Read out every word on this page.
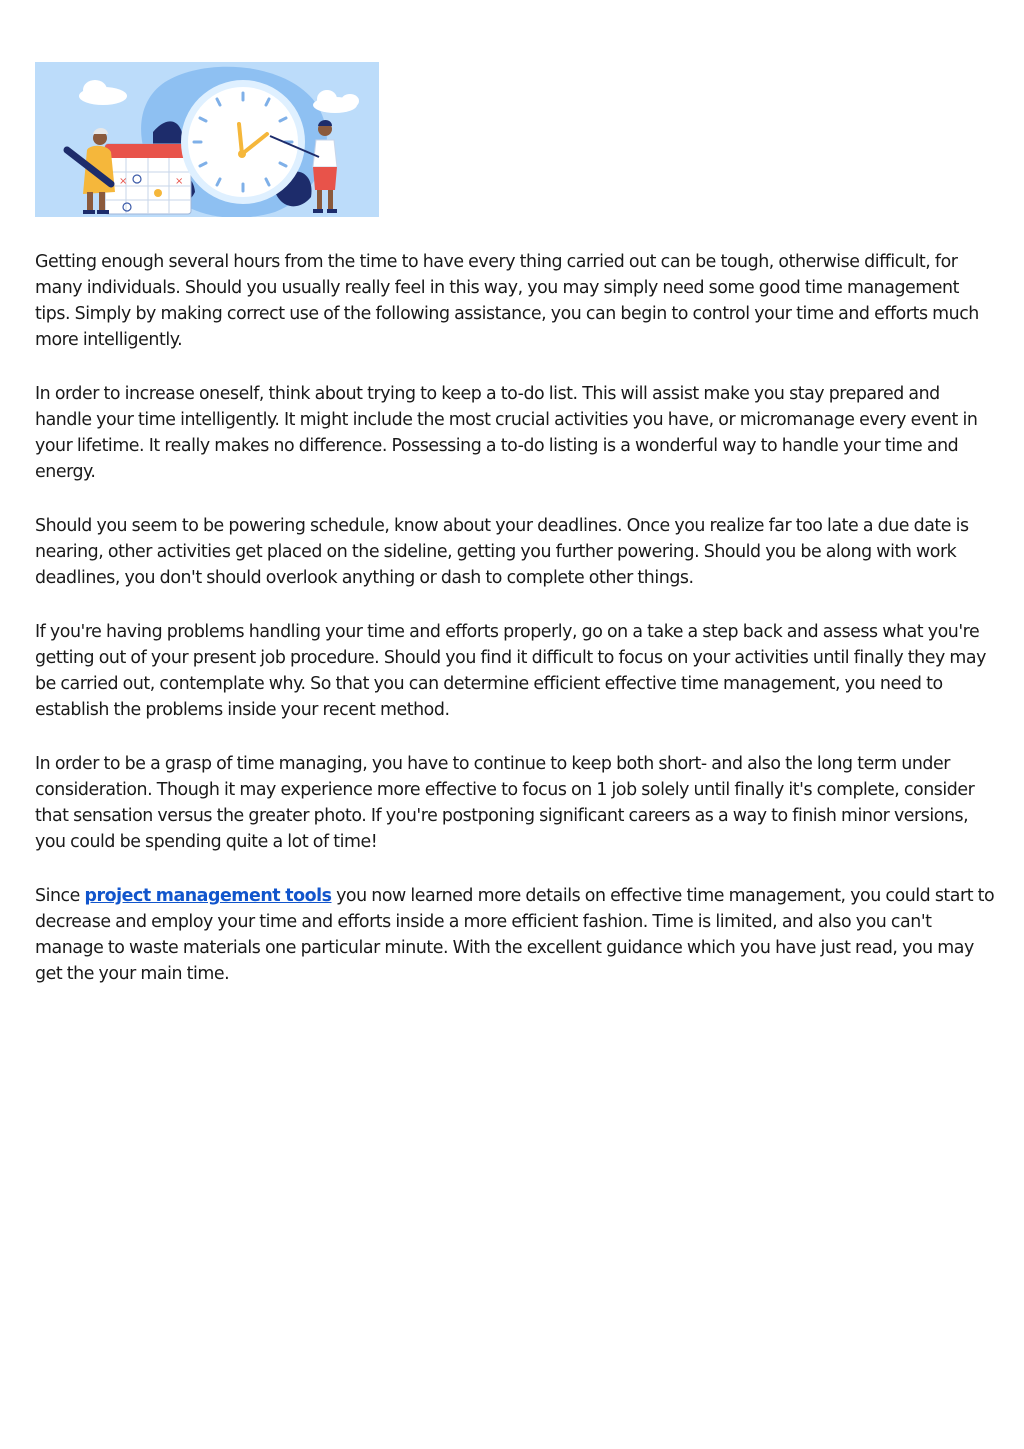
×	×

Getting enough several hours from the time to have every thing carried out can be tough, otherwise difficult, for many individuals. Should you usually really feel in this way, you may simply need some good time management tips. Simply by making correct use of the following assistance, you can begin to control your time and efforts much more intelligently.

In order to increase oneself, think about trying to keep a to-do list. This will assist make you stay prepared and handle your time intelligently. It might include the most crucial activities you have, or micromanage every event in your lifetime. It really makes no difference. Possessing a to-do listing is a wonderful way to handle your time and energy.

Should you seem to be powering schedule, know about your deadlines. Once you realize far too late a due date is nearing, other activities get placed on the sideline, getting you further powering. Should you be along with work deadlines, you don't should overlook anything or dash to complete other things.

If you're having problems handling your time and efforts properly, go on a take a step back and assess what you're getting out of your present job procedure. Should you find it difficult to focus on your activities until finally they may be carried out, contemplate why. So that you can determine efficient effective time management, you need to establish the problems inside your recent method.

In order to be a grasp of time managing, you have to continue to keep both short- and also the long term under consideration. Though it may experience more effective to focus on 1 job solely until finally it's complete, consider that sensation versus the greater photo. If you're postponing significant careers as a way to finish minor versions, you could be spending quite a lot of time!

Since project management tools you now learned more details on effective time management, you could start to decrease and employ your time and efforts inside a more efficient fashion. Time is limited, and also you can't manage to waste materials one particular minute. With the excellent guidance which you have just read, you may get the your main time.
